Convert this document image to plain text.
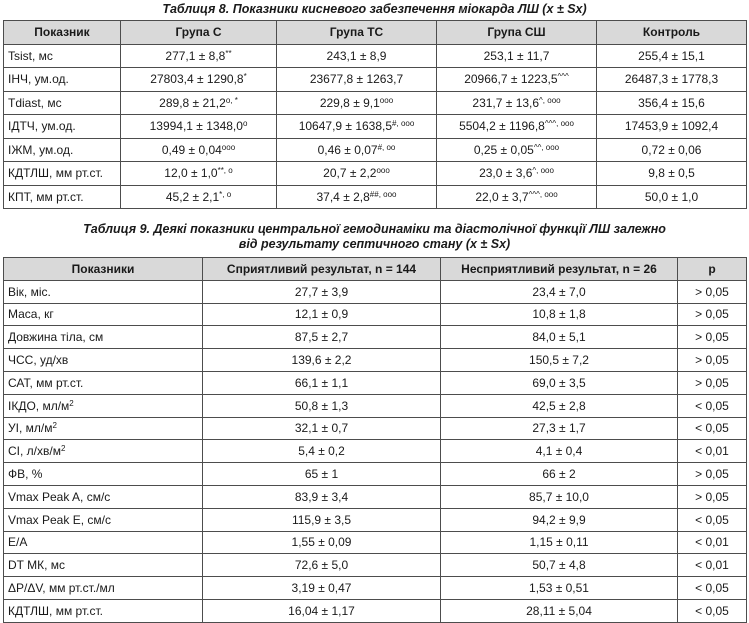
Таблиця 8. Показники кисневого забезпечення міокарда ЛШ (x ± Sx)
Показник	Група С	Група ТС	Група СШ	Контроль
Tsist, мс	277,1 ± 8,8**	243,1 ± 8,9	253,1 ± 11,7	255,4 ± 15,1
ІНЧ, ум.од.	27803,4 ± 1290,8*	23677,8 ± 1263,7	20966,7 ± 1223,5^^^	26487,3 ± 1778,3
Tdiast, мс	$289,8 \pm 21,2^{о, *}$	$229,8 \pm 9,1^{ооо}$	$231,7 \pm 13,6^{\^{}, ооо}$	356,4 ± 15,6
ІДТЧ, ум.од.	$13994,1 \pm 1348,0^о$	$10647,9 \pm 1638,5^{\#, ооо}$	$5504,2 \pm 1196,8^{\^{}\^{}\^{}, ооо}$	17453,9 ± 1092,4
ІЖМ, ум.од.	$0,49 \pm 0,04^{ооо}$	$0,46 \pm 0,07^{\#, оо}$	$0,25 \pm 0,05^{\^{}\^{}, ооо}$	0,72 ± 0,06
КДТЛШ, мм рт.ст.	$12,0 \pm 1,0^{**, о}$	$20,7 \pm 2,2^{ооо}$	$23,0 \pm 3,6^{\^{}, ооо}$	9,8 ± 0,5
КПТ, мм рт.ст.	$45,2 \pm 2,1^{*, о}$	$37,4 \pm 2,8^{\#\#, ооо}$	$22,0 \pm 3,7^{\^{}\^{}\^{}, ооо}$	50,0 ± 1,0
Таблиця 9. Деякі показники центральної гемодинаміки та діастолічної функції ЛШ залежно
від результату септичного стану (x ± Sx)
Показники	Сприятливий результат, n = 144	Несприятливий результат, n = 26	p
Вік, міс.	27,7 ± 3,9	23,4 ± 7,0	> 0,05
Маса, кг	12,1 ± 0,9	10,8 ± 1,8	> 0,05
Довжина тіла, см	87,5 ± 2,7	84,0 ± 5,1	> 0,05
ЧСС, уд/хв	139,6 ± 2,2	150,5 ± 7,2	> 0,05
САТ, мм рт.ст.	66,1 ± 1,1	69,0 ± 3,5	> 0,05
ІКДО, $мл/м^2$	50,8 ± 1,3	42,5 ± 2,8	< 0,05
УІ, $мл/м^2$	32,1 ± 0,7	27,3 ± 1,7	< 0,05
СІ, $л/хв/м^2$	5,4 ± 0,2	4,1 ± 0,4	< 0,01
ФВ, %	65 ± 1	66 ± 2	> 0,05
Vmax Peak A, см/с	83,9 ± 3,4	85,7 ± 10,0	> 0,05
Vmax Peak E, см/с	115,9 ± 3,5	94,2 ± 9,9	< 0,05
E/A	1,55 ± 0,09	1,15 ± 0,11	< 0,01
DT МК, мс	72,6 ± 5,0	50,7 ± 4,8	< 0,01
ΔP/ΔV, мм рт.ст./мл	3,19 ± 0,47	1,53 ± 0,51	< 0,05
КДТЛШ, мм рт.ст.	16,04 ± 1,17	28,11 ± 5,04	< 0,05
